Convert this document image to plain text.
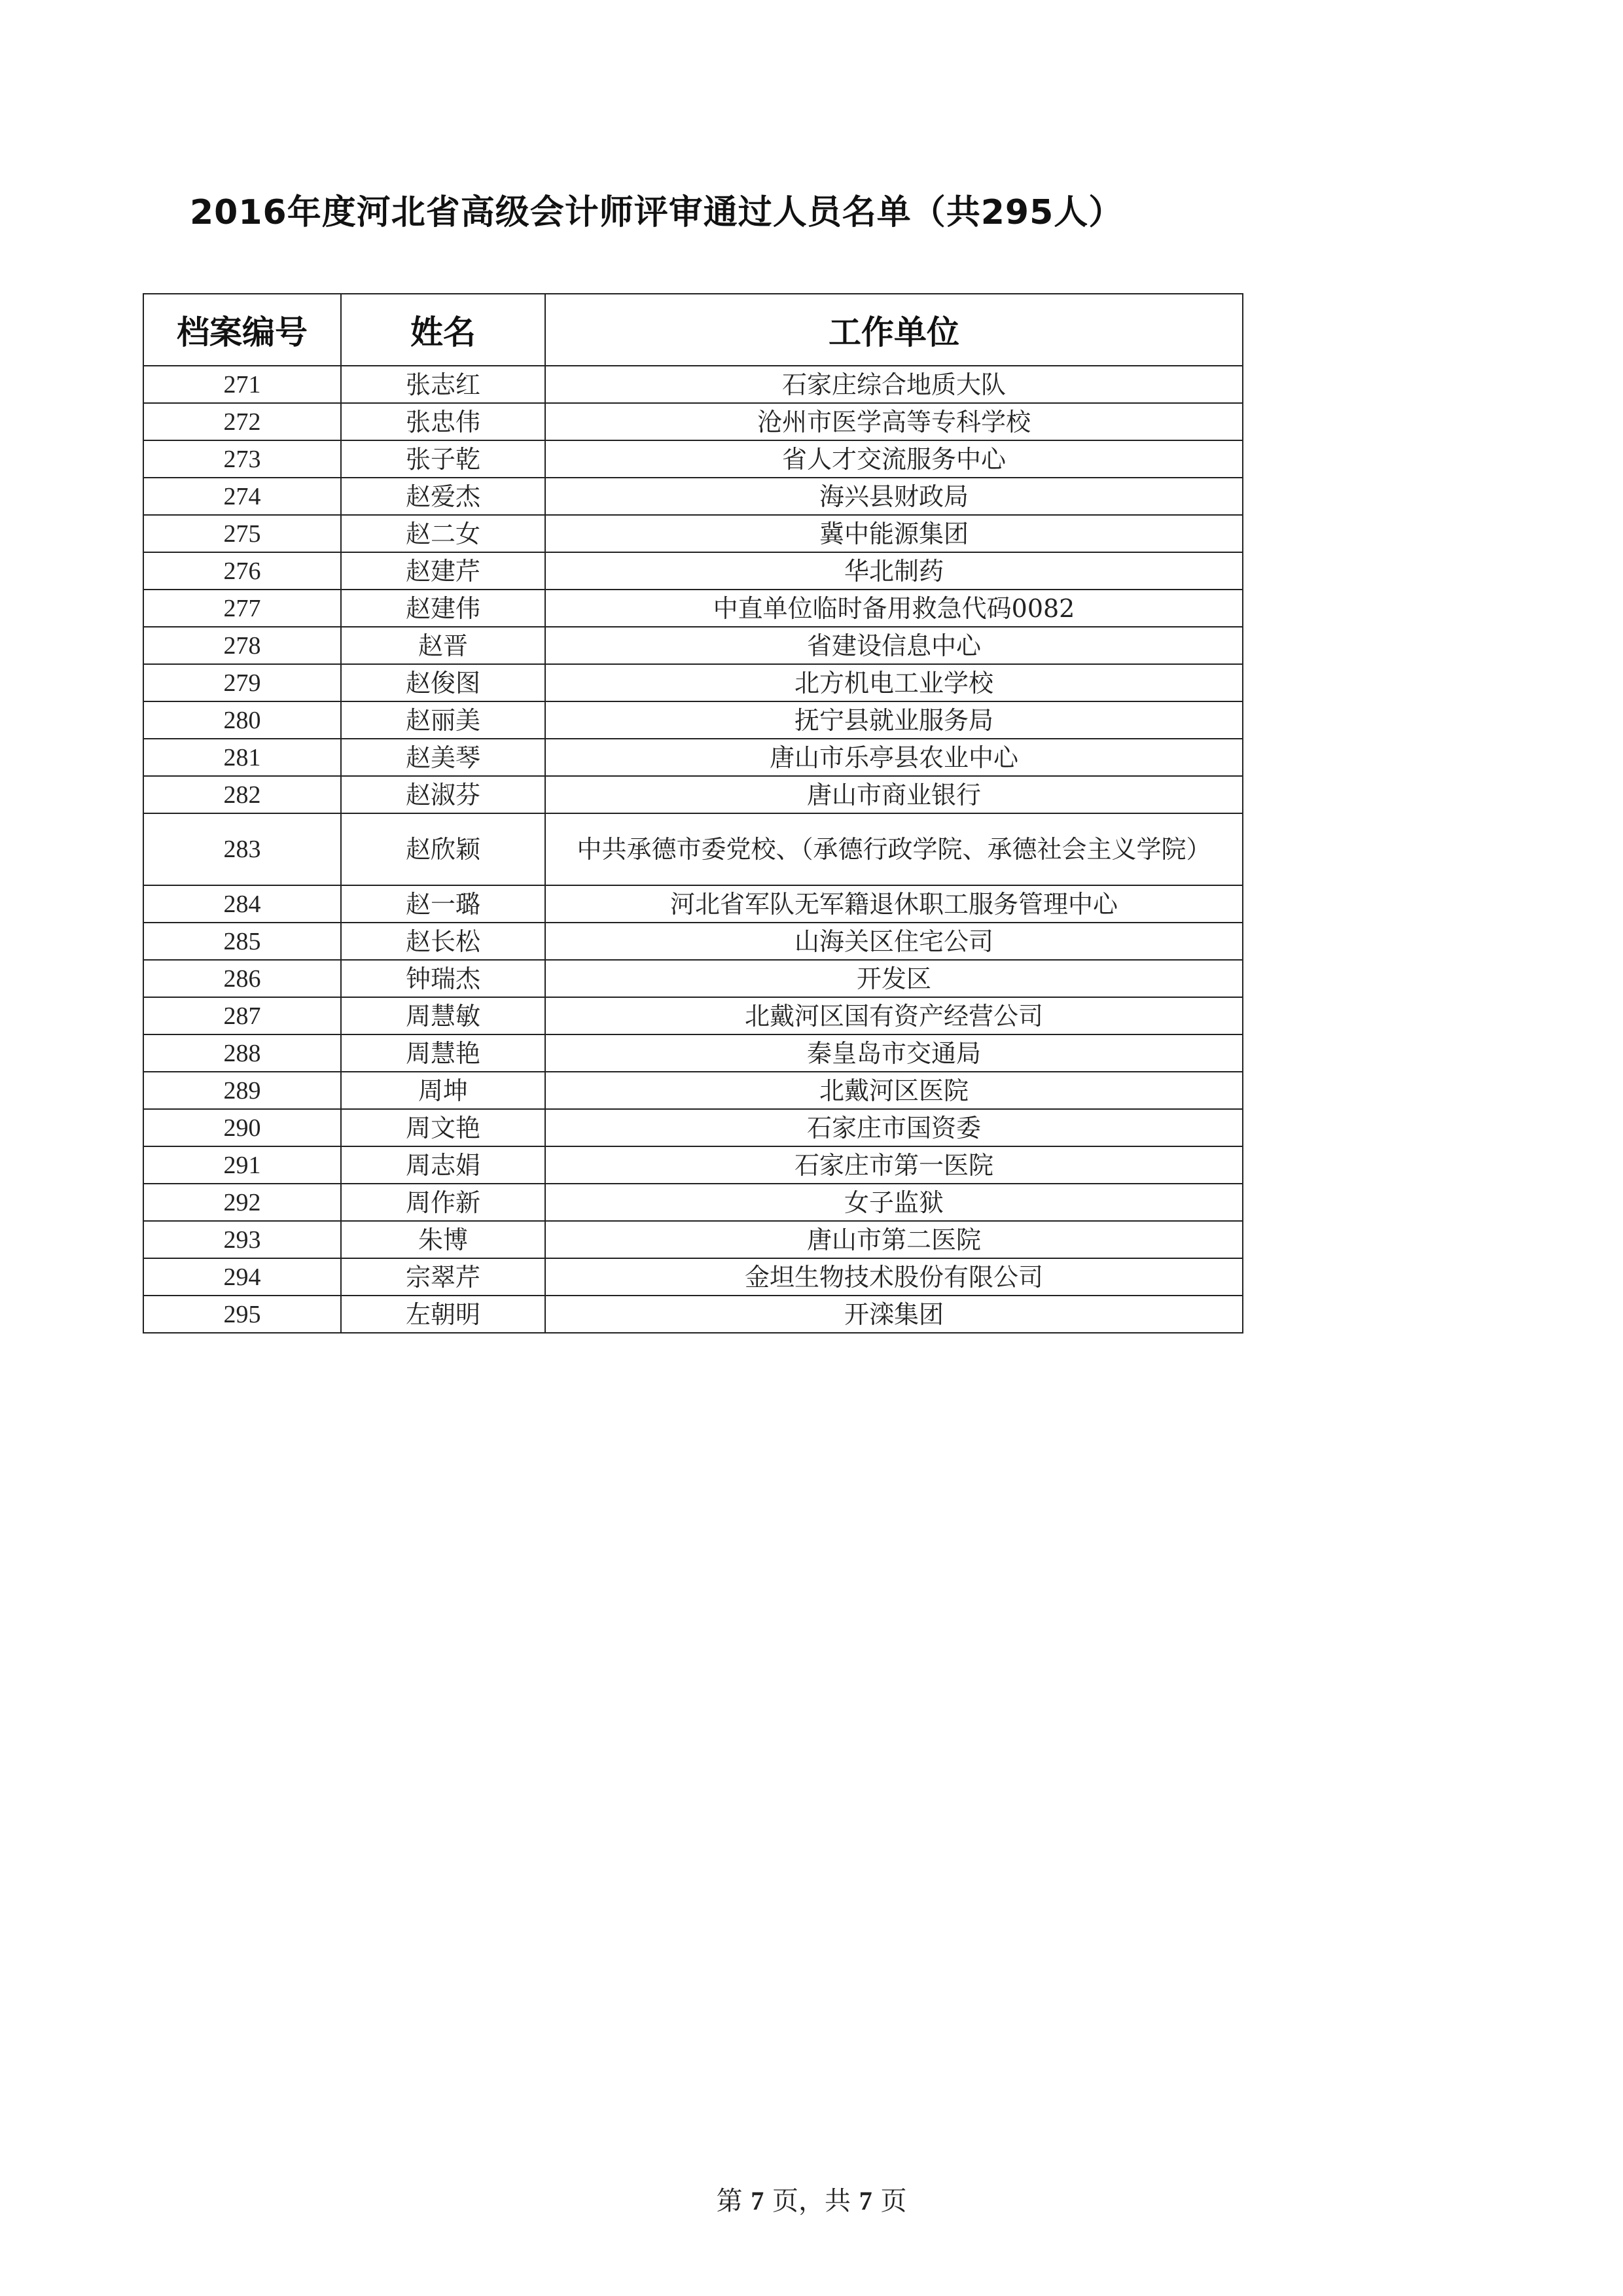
2016年度河北省高级会计师评审通过人员名单（共295人）
档案编号	姓名	工作单位
271	张志红	石家庄综合地质大队
272	张忠伟	沧州市医学高等专科学校
273	张子乾	省人才交流服务中心
274	赵爱杰	海兴县财政局
275	赵二女	冀中能源集团
276	赵建芹	华北制药
277	赵建伟	中直单位临时备用救急代码0082
278	赵晋	省建设信息中心
279	赵俊图	北方机电工业学校
280	赵丽美	抚宁县就业服务局
281	赵美琴	唐山市乐亭县农业中心
282	赵淑芬	唐山市商业银行
283	赵欣颖	中共承德市委党校、（承德行政学院、承德社会主义学院）
284	赵一璐	河北省军队无军籍退休职工服务管理中心
285	赵长松	山海关区住宅公司
286	钟瑞杰	开发区
287	周慧敏	北戴河区国有资产经营公司
288	周慧艳	秦皇岛市交通局
289	周坤	北戴河区医院
290	周文艳	石家庄市国资委
291	周志娟	石家庄市第一医院
292	周作新	女子监狱
293	朱博	唐山市第二医院
294	宗翠芹	金坦生物技术股份有限公司
295	左朝明	开滦集团
第 7 页，共 7 页
